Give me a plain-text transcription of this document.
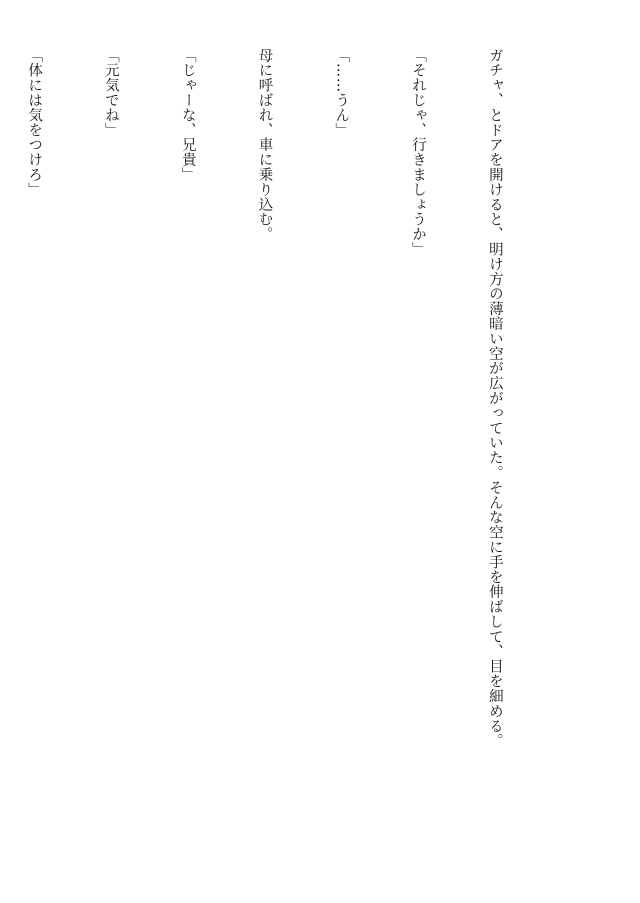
ガチャ、とドアを開けると、明け方の薄暗い空が広がっていた。そんな空に手を伸ばして、目を細める。

「それじゃ、行きましょうか」

「……うん」

母に呼ばれ、車に乗り込む。

「じゃーな、兄貴」

「元気でね」

「体には気をつけろ」
